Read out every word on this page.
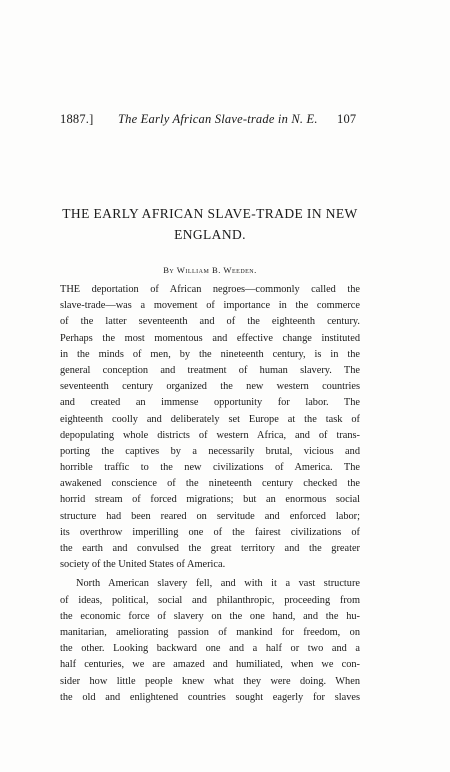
1887.] The Early African Slave-trade in N. E. 107
THE EARLY AFRICAN SLAVE-TRADE IN NEW
ENGLAND.
By William B. Weeden.
THE deportation of African negroes—commonly called the
slave-trade—was a movement of importance in the commerce
of the latter seventeenth and of the eighteenth century.
Perhaps the most momentous and effective change instituted
in the minds of men, by the nineteenth century, is in the
general conception and treatment of human slavery. The
seventeenth century organized the new western countries
and created an immense opportunity for labor. The
eighteenth coolly and deliberately set Europe at the task of
depopulating whole districts of western Africa, and of trans-
porting the captives by a necessarily brutal, vicious and
horrible traffic to the new civilizations of America. The
awakened conscience of the nineteenth century checked the
horrid stream of forced migrations; but an enormous social
structure had been reared on servitude and enforced labor;
its overthrow imperilling one of the fairest civilizations of
the earth and convulsed the great territory and the greater
society of the United States of America.
North American slavery fell, and with it a vast structure
of ideas, political, social and philanthropic, proceeding from
the economic force of slavery on the one hand, and the hu-
manitarian, ameliorating passion of mankind for freedom, on
the other. Looking backward one and a half or two and a
half centuries, we are amazed and humiliated, when we con-
sider how little people knew what they were doing. When
the old and enlightened countries sought eagerly for slaves
